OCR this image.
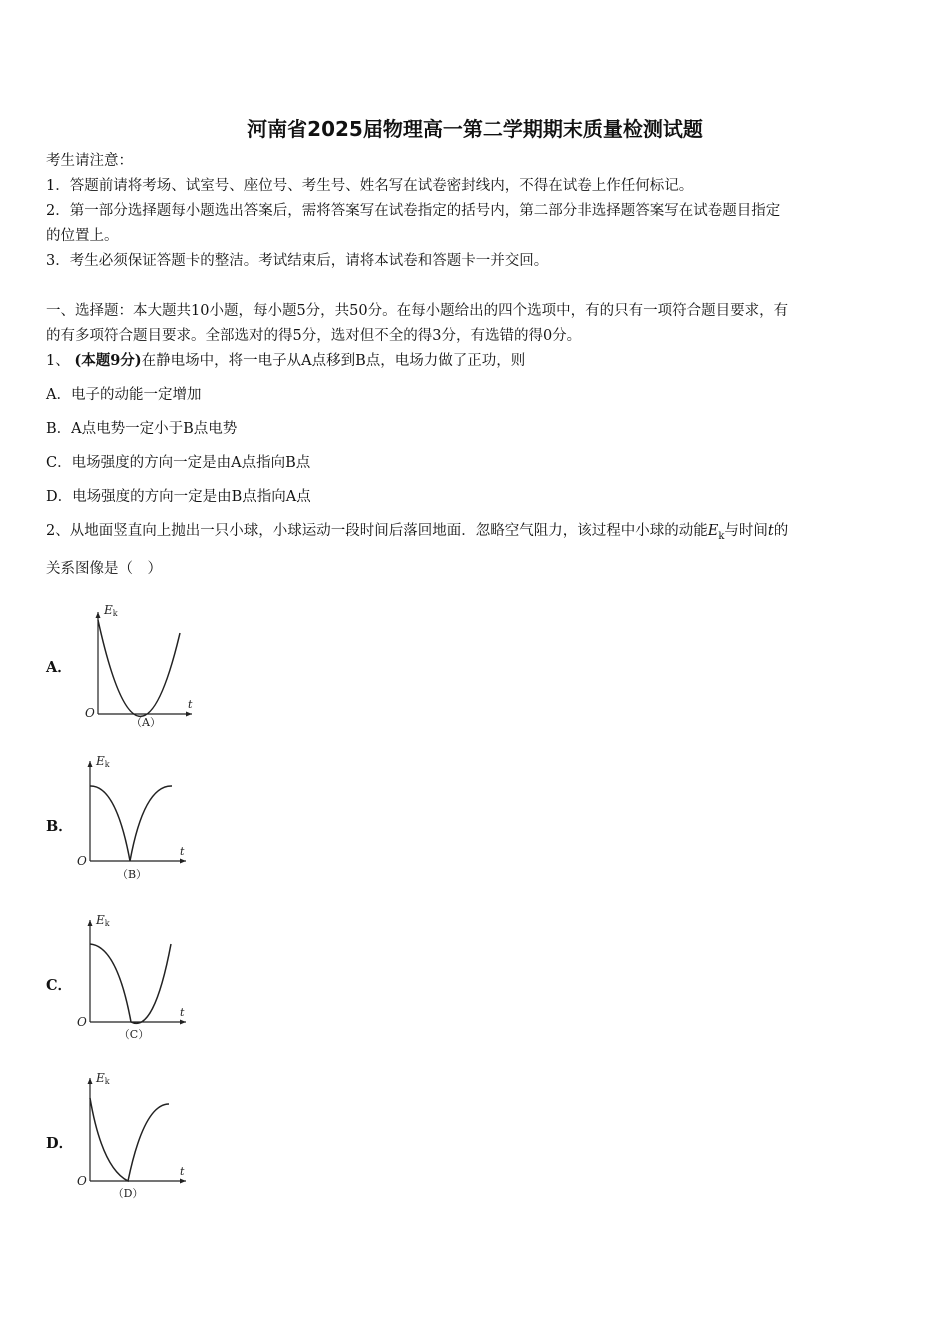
河南省2025届物理高一第二学期期末质量检测试题
考生请注意：
1．答题前请将考场、试室号、座位号、考生号、姓名写在试卷密封线内，不得在试卷上作任何标记。
2．第一部分选择题每小题选出答案后，需将答案写在试卷指定的括号内，第二部分非选择题答案写在试卷题目指定
的位置上。
3．考生必须保证答题卡的整洁。考试结束后，请将本试卷和答题卡一并交回。
一、选择题：本大题共10小题，每小题5分，共50分。在每小题给出的四个选项中，有的只有一项符合题目要求，有
的有多项符合题目要求。全部选对的得5分，选对但不全的得3分，有选错的得0分。
1、 (本题9分)在静电场中，将一电子从A点移到B点，电场力做了正功，则
A．电子的动能一定增加
B．A点电势一定小于B点电势
C．电场强度的方向一定是由A点指向B点
D．电场强度的方向一定是由B点指向A点
2、从地面竖直向上抛出一只小球，小球运动一段时间后落回地面．忽略空气阻力，该过程中小球的动能$E_k$与时间t的
关系图像是（　）
A．
Ek
t
O
（A）
B．
Ek
t
O
（B）
C．
Ek
t
O
（C）
D．
Ek
t
O
（D）
